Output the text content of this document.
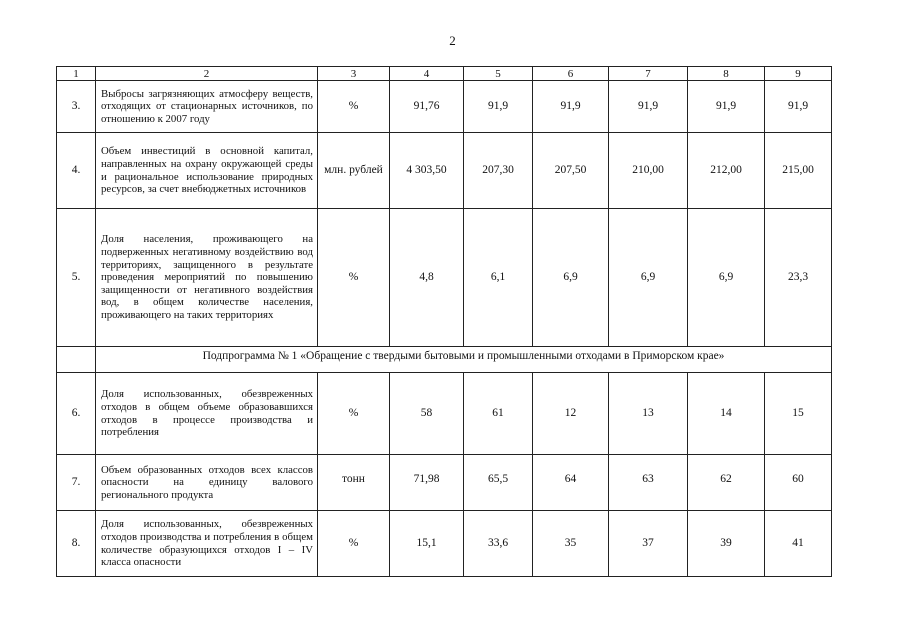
2
1	2	3	4	5	6	7	8	9
3.	Выбросы загрязняющих атмосферу веществ, отходящих от стационарных источников, по отношению к 2007 году	%	91,76	91,9	91,9	91,9	91,9	91,9
4.	Объем инвестиций в основной капитал, направленных на охрану окружающей среды и рациональное использование природных ресурсов, за счет внебюджетных источников	млн. рублей	4 303,50	207,30	207,50	210,00	212,00	215,00
5.	Доля населения, проживающего на подверженных негативному воздействию вод территориях, защищенного в результате проведения мероприятий по повышению защищенности от негативного воздействия вод, в общем количестве населения, проживающего на таких территориях	%	4,8	6,1	6,9	6,9	6,9	23,3
	Подпрограмма № 1 «Обращение с твердыми бытовыми и промышленными отходами в Приморском крае»							
6.	Доля использованных, обезвреженных отходов в общем объеме образовавшихся отходов в процессе производства и потребления	%	58	61	12	13	14	15
7.	Объем образованных отходов всех классов опасности на единицу валового регионального продукта	тонн	71,98	65,5	64	63	62	60
8.	Доля использованных, обезвреженных отходов производства и потребления в общем количестве образующихся отходов I – IV класса опасности	%	15,1	33,6	35	37	39	41
